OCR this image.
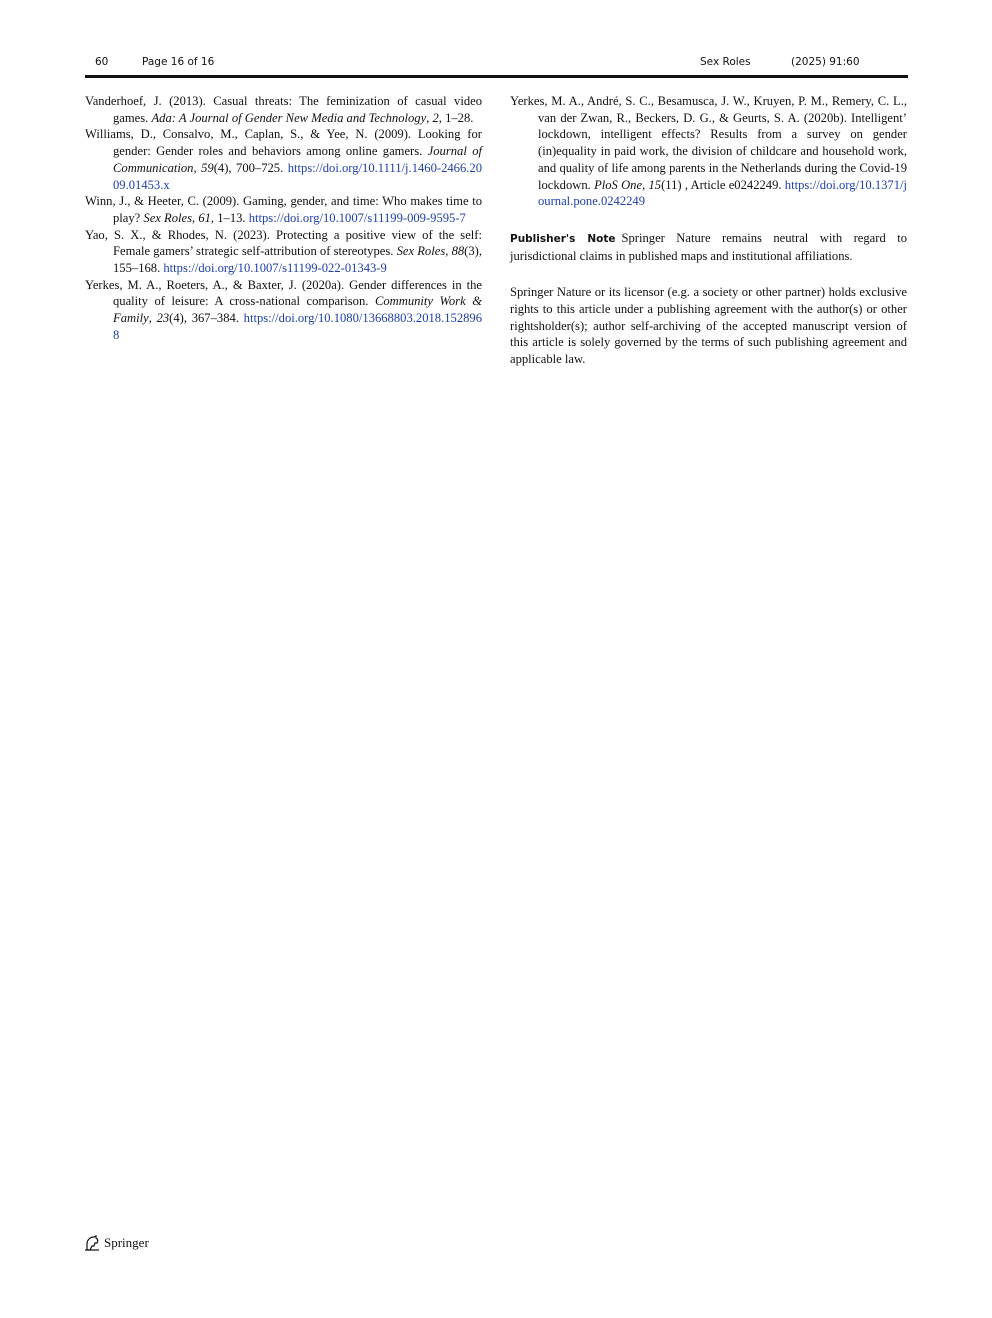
60	Page 16 of 16	Sex Roles	(2025) 91:60

Vanderhoef, J. (2013). Casual threats: The feminization of casual video games. Ada: A Journal of Gender New Media and Technology, 2, 1–28.

Williams, D., Consalvo, M., Caplan, S., & Yee, N. (2009). Looking for gender: Gender roles and behaviors among online gamers. Journal of Communication, 59(4), 700–725. https://doi.org/10.1111/j.1460-2466.2009.01453.x

Winn, J., & Heeter, C. (2009). Gaming, gender, and time: Who makes time to play? Sex Roles, 61, 1–13. https://doi.org/10.1007/s11199-009-9595-7

Yao, S. X., & Rhodes, N. (2023). Protecting a positive view of the self: Female gamers’ strategic self-attribution of stereotypes. Sex Roles, 88(3), 155–168. https://doi.org/10.1007/s11199-022-01343-9

Yerkes, M. A., Roeters, A., & Baxter, J. (2020a). Gender differences in the quality of leisure: A cross-national comparison. Community Work & Family, 23(4), 367–384. https://doi.org/10.1080/13668803.2018.1528968

Yerkes, M. A., André, S. C., Besamusca, J. W., Kruyen, P. M., Remery, C. L., van der Zwan, R., Beckers, D. G., & Geurts, S. A. (2020b). Intelligent’ lockdown, intelligent effects? Results from a survey on gender (in)equality in paid work, the division of childcare and household work, and quality of life among parents in the Netherlands during the Covid-19 lockdown. PloS One, 15(11) , Article e0242249. https://doi.org/10.1371/journal.pone.0242249

Publisher's Note Springer Nature remains neutral with regard to jurisdictional claims in published maps and institutional affiliations.

Springer Nature or its licensor (e.g. a society or other partner) holds exclusive rights to this article under a publishing agreement with the author(s) or other rightsholder(s); author self-archiving of the accepted manuscript version of this article is solely governed by the terms of such publishing agreement and applicable law.

Springer
